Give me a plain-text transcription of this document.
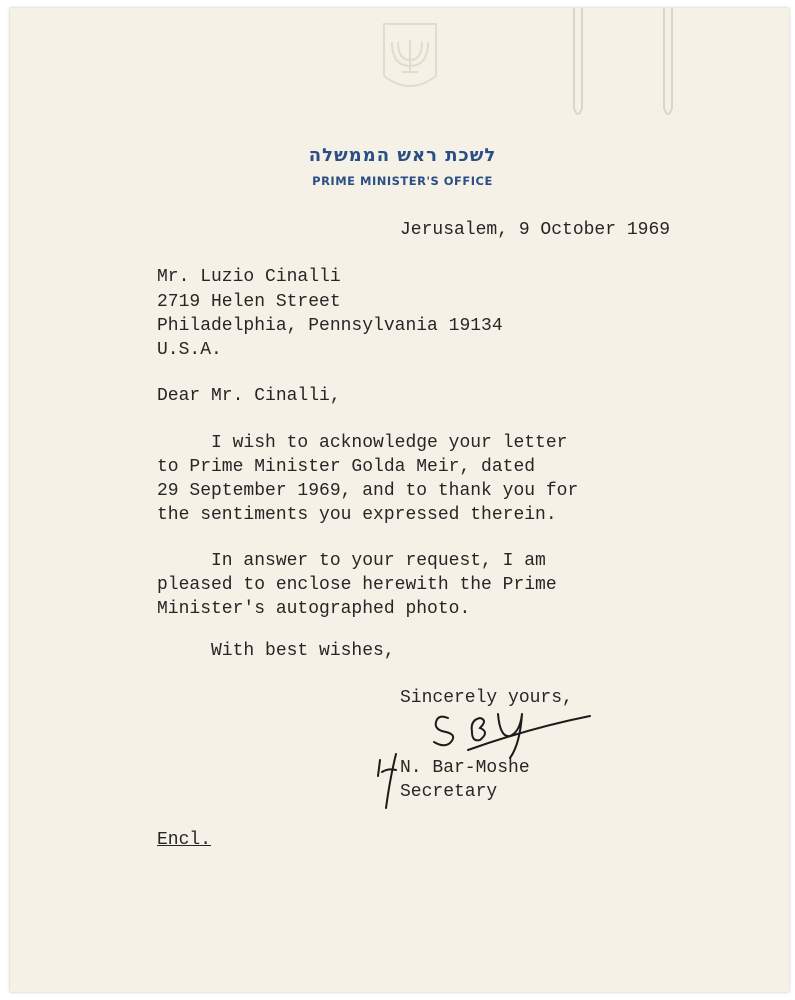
לשכת ראש הממשלה
PRIME MINISTER'S OFFICE
Jerusalem, 9 October 1969
Mr. Luzio Cinalli
2719 Helen Street
Philadelphia, Pennsylvania 19134
U.S.A.
Dear Mr. Cinalli,
I wish to acknowledge your letter
to Prime Minister Golda Meir, dated
29 September 1969, and to thank you for
the sentiments you expressed therein.
In answer to your request, I am
pleased to enclose herewith the Prime
Minister's autographed photo.
With best wishes,
Sincerely yours,
N. Bar-Moshe
Secretary
Encl.
